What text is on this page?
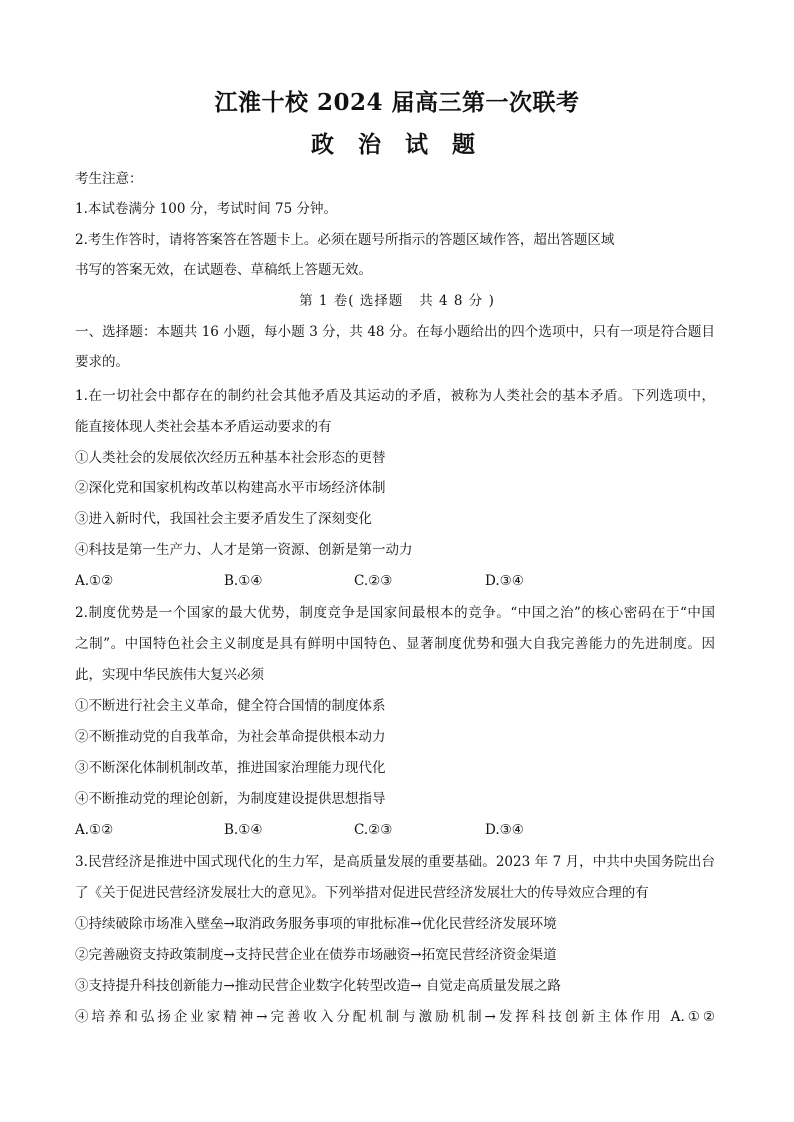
江淮十校 2024 届高三第一次联考
政 治 试 题
考生注意：
1.本试卷满分 100 分，考试时间 75 分钟。
2.考生作答时，请将答案答在答题卡上。必须在题号所指示的答题区域作答，超出答题区域
书写的答案无效，在试题卷、草稿纸上答题无效。
第 1 卷( 选择题   共 4 8 分 )
一、选择题：本题共 16 小题，每小题 3 分，共 48 分。在每小题给出的四个选项中，只有一项是符合题目
要求的。
1.在一切社会中都存在的制约社会其他矛盾及其运动的矛盾，被称为人类社会的基本矛盾。下列选项中，
能直接体现人类社会基本矛盾运动要求的有
①人类社会的发展依次经历五种基本社会形态的更替
②深化党和国家机构改革以构建高水平市场经济体制
③进入新时代，我国社会主要矛盾发生了深刻变化
④科技是第一生产力、人才是第一资源、创新是第一动力
A.①②	B.①④	C.②③	D.③④
2.制度优势是一个国家的最大优势，制度竞争是国家间最根本的竞争。“中国之治”的核心密码在于“中国
之制”。中国特色社会主义制度是具有鲜明中国特色、显著制度优势和强大自我完善能力的先进制度。因
此，实现中华民族伟大复兴必须
①不断进行社会主义革命，健全符合国情的制度体系
②不断推动党的自我革命，为社会革命提供根本动力
③不断深化体制机制改革，推进国家治理能力现代化
④不断推动党的理论创新，为制度建设提供思想指导
A.①②	B.①④	C.②③	D.③④
3.民营经济是推进中国式现代化的生力军，是高质量发展的重要基础。2023 年 7 月，中共中央国务院出台
了《关于促进民营经济发展壮大的意见》。下列举措对促进民营经济发展壮大的传导效应合理的有
①持续破除市场准入壁垒→取消政务服务事项的审批标准→优化民营经济发展环境
②完善融资支持政策制度→支持民营企业在债券市场融资→拓宽民营经济资金渠道
③支持提升科技创新能力→推动民营企业数字化转型改造→ 自觉走高质量发展之路
④培养和弘扬企业家精神→完善收入分配机制与激励机制→发挥科技创新主体作用 A.①②
